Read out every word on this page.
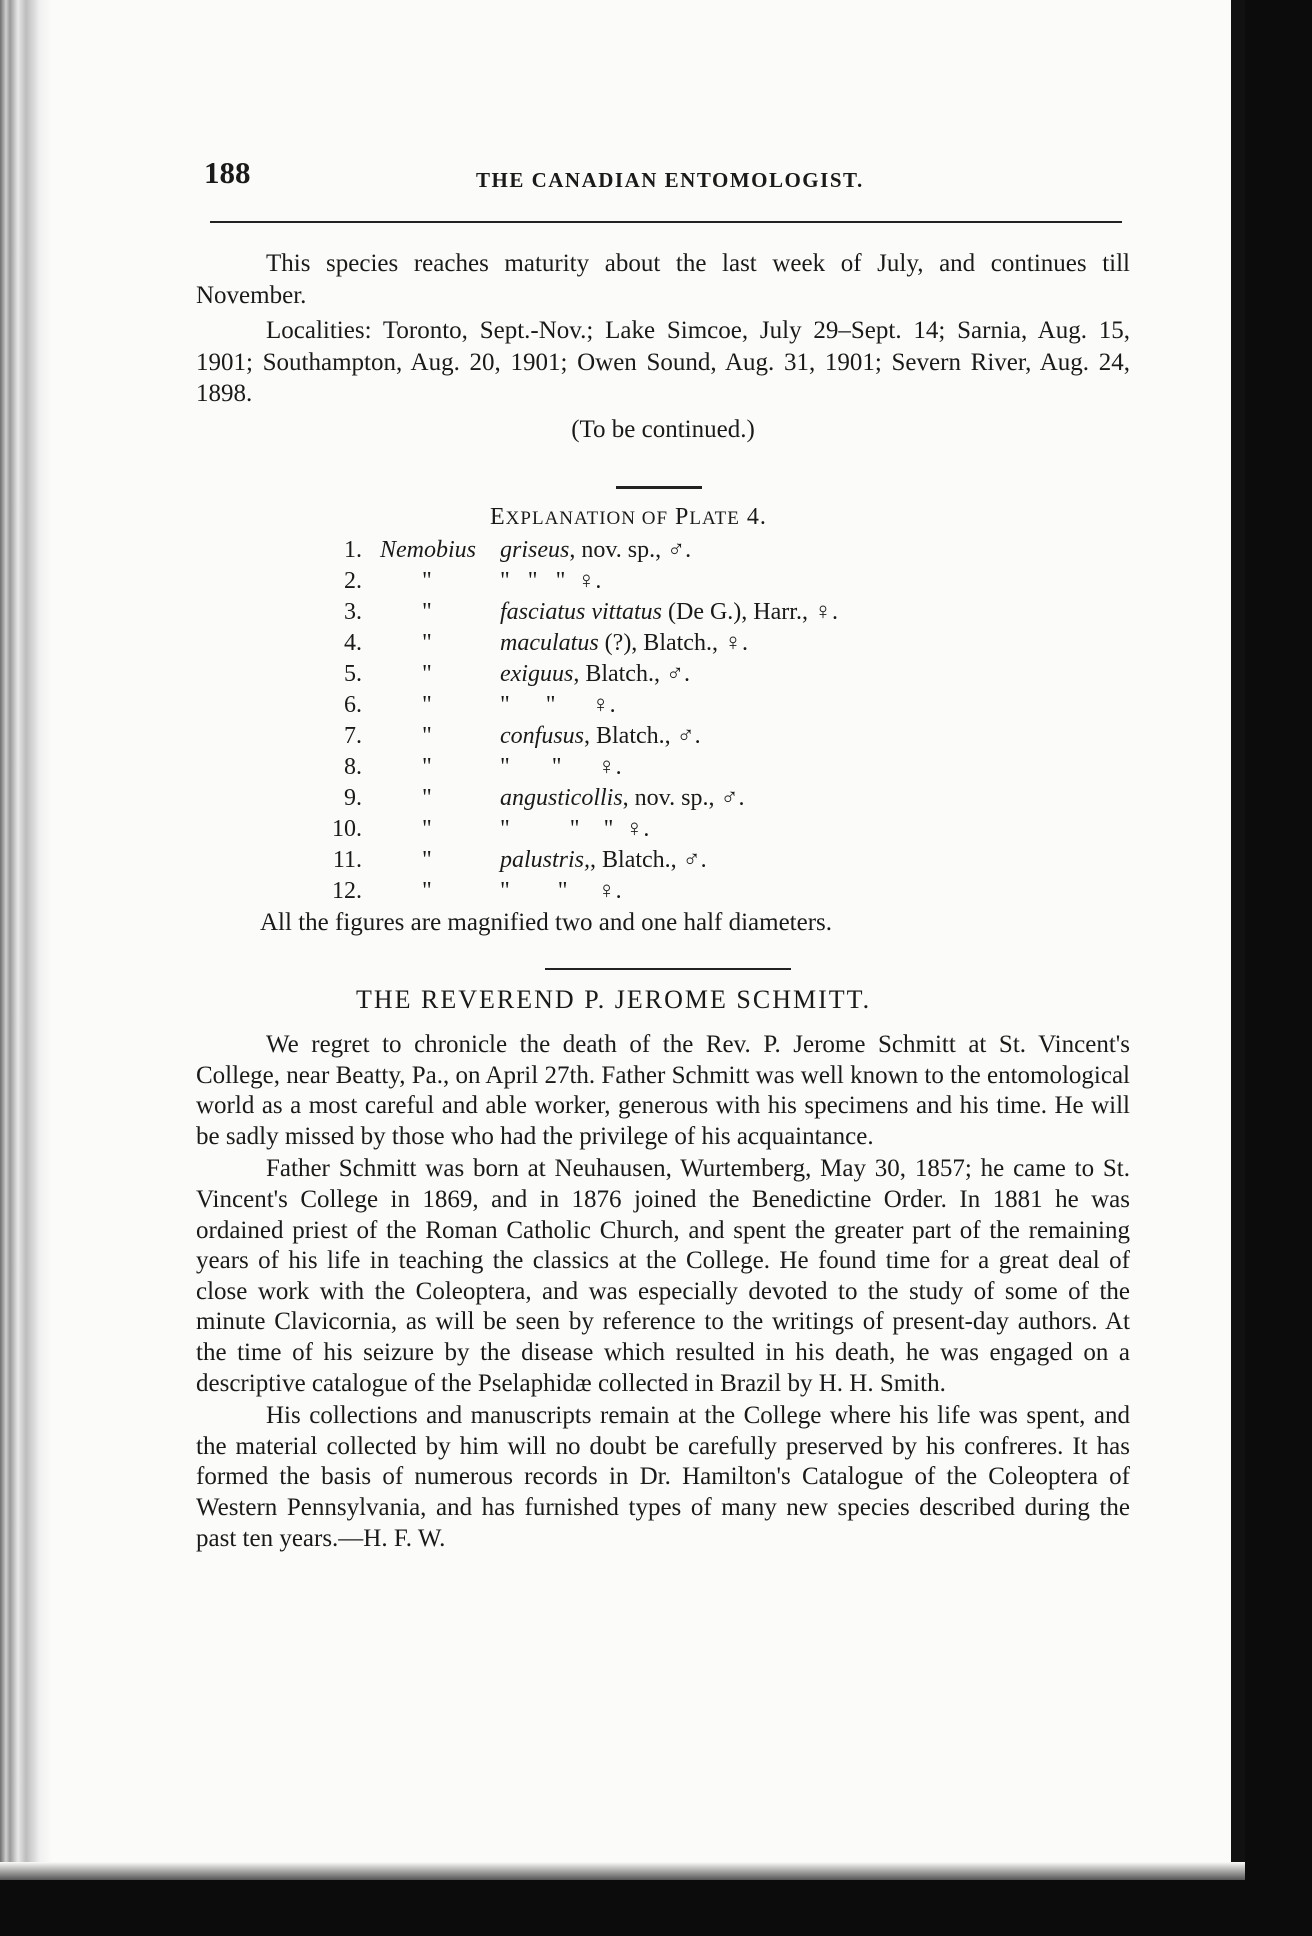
188	THE CANADIAN ENTOMOLOGIST.

This species reaches maturity about the last week of July, and continues till November.

Localities: Toronto, Sept.-Nov.; Lake Simcoe, July 29–Sept. 14; Sarnia, Aug. 15, 1901; Southampton, Aug. 20, 1901; Owen Sound, Aug. 31, 1901; Severn River, Aug. 24, 1898.

(To be continued.)

EXPLANATION OF PLATE 4.
1.	Nemobius	griseus, nov. sp., ♂.
2.	"	"   "   "  ♀.
3.	"	fasciatus vittatus (De G.), Harr., ♀.
4.	"	maculatus (?), Blatch., ♀.
5.	"	exiguus, Blatch., ♂.
6.	"	"      "      ♀.
7.	"	confusus, Blatch., ♂.
8.	"	"       "      ♀.
9.	"	angusticollis, nov. sp., ♂.
10.	"	"          "    "  ♀.
11.	"	palustris,, Blatch., ♂.
12.	"	"        "     ♀.
All the figures are magnified two and one half diameters.
THE REVEREND P. JEROME SCHMITT.

We regret to chronicle the death of the Rev. P. Jerome Schmitt at St. Vincent's College, near Beatty, Pa., on April 27th. Father Schmitt was well known to the entomological world as a most careful and able worker, generous with his specimens and his time. He will be sadly missed by those who had the privilege of his acquaintance.

Father Schmitt was born at Neuhausen, Wurtemberg, May 30, 1857; he came to St. Vincent's College in 1869, and in 1876 joined the Benedictine Order. In 1881 he was ordained priest of the Roman Catholic Church, and spent the greater part of the remaining years of his life in teaching the classics at the College. He found time for a great deal of close work with the Coleoptera, and was especially devoted to the study of some of the minute Clavicornia, as will be seen by reference to the writings of present-day authors. At the time of his seizure by the disease which resulted in his death, he was engaged on a descriptive catalogue of the Pselaphidæ collected in Brazil by H. H. Smith.

His collections and manuscripts remain at the College where his life was spent, and the material collected by him will no doubt be carefully preserved by his confreres. It has formed the basis of numerous records in Dr. Hamilton's Catalogue of the Coleoptera of Western Pennsylvania, and has furnished types of many new species described during the past ten years.—H. F. W.
